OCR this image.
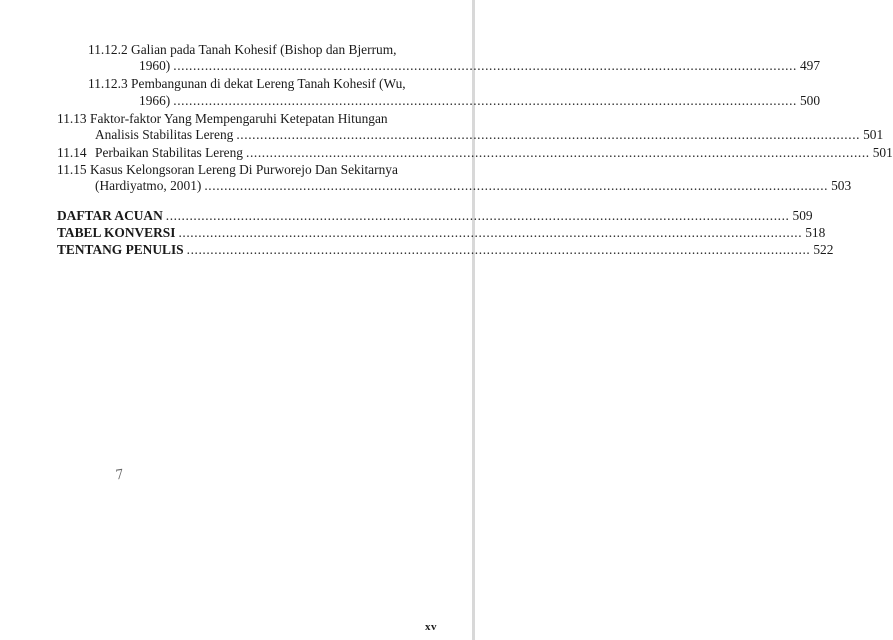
11.12.2 Galian pada Tanah Kohesif (Bishop dan Bjerrum,
1960) .............................................................................................................................................................. 497
11.12.3 Pembangunan di dekat Lereng Tanah Kohesif (Wu,
1966) .............................................................................................................................................................. 500
11.13 Faktor-faktor Yang Mempengaruhi Ketepatan Hitungan
Analisis Stabilitas Lereng .............................................................................................................................................................. 501
11.14 Perbaikan Stabilitas Lereng .............................................................................................................................................................. 501
11.15 Kasus Kelongsoran Lereng Di Purworejo Dan Sekitarnya
(Hardiyatmo, 2001) .............................................................................................................................................................. 503
DAFTAR ACUAN .............................................................................................................................................................. 509
TABEL KONVERSI .............................................................................................................................................................. 518
TENTANG PENULIS .............................................................................................................................................................. 522
7
xv
